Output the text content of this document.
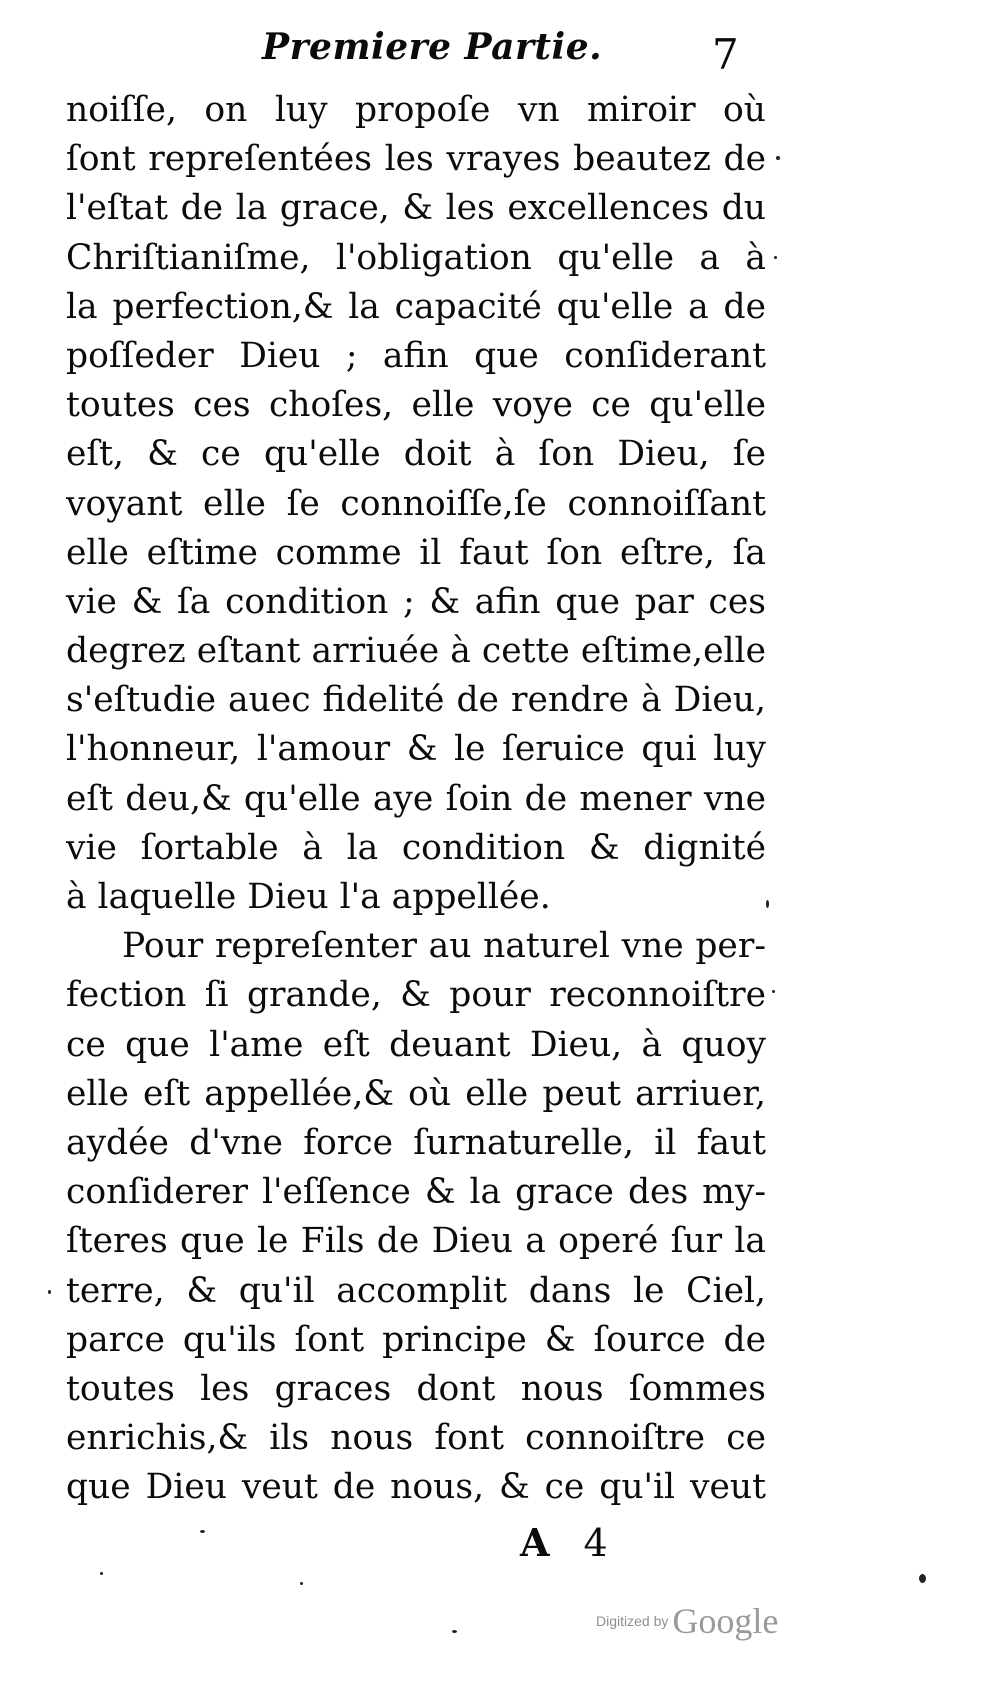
Premiere Partie.	7
noiſſe, on luy propoſe vn miroir où
ſont repreſentées les vrayes beautez de
l'eſtat de la grace, & les excellences du
Chriſtianiſme, l'obligation qu'elle a à
la perfection,& la capacité qu'elle a de
poſſeder Dieu ; afin que conſiderant
toutes ces choſes, elle voye ce qu'elle
eſt, & ce qu'elle doit à ſon Dieu, ſe
voyant elle ſe connoiſſe,ſe connoiſſant
elle eſtime comme il faut ſon eſtre, ſa
vie & ſa condition ; & afin que par ces
degrez eſtant arriuée à cette eſtime,elle
s'eſtudie auec fidelité de rendre à Dieu,
l'honneur, l'amour & le ſeruice qui luy
eſt deu,& qu'elle aye ſoin de mener vne
vie ſortable à la condition & dignité
à laquelle Dieu l'a appellée.
Pour repreſenter au naturel vne per-
fection ſi grande, & pour reconnoiſtre
ce que l'ame eſt deuant Dieu, à quoy
elle eſt appellée,& où elle peut arriuer,
aydée d'vne force ſurnaturelle, il faut
conſiderer l'eſſence & la grace des my-
ſteres que le Fils de Dieu a operé ſur la
terre, & qu'il accomplit dans le Ciel,
parce qu'ils ſont principe & ſource de
toutes les graces dont nous ſommes
enrichis,& ils nous font connoiſtre ce
que Dieu veut de nous, & ce qu'il veut
A 4
Digitized by Google
